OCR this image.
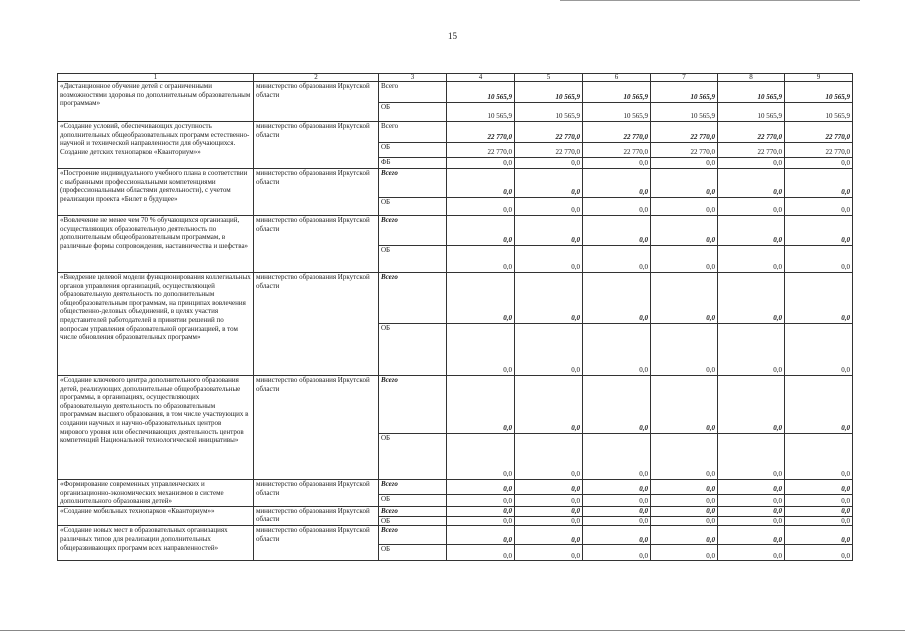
15
1	2	3	4	5	6	7	8	9
«Дистанционное обучение детей с ограниченными возможностями здоровья по дополнительным образовательным программам»	министерство образования Иркутской области	Всего	10 565,9	10 565,9	10 565,9	10 565,9	10 565,9	10 565,9
		ОБ	10 565,9	10 565,9	10 565,9	10 565,9	10 565,9	10 565,9
«Создание условий, обеспечивающих доступность дополнительных общеобразовательных программ естественно-научной и технической направленности для обучающихся. Создание детских технопарков «Кванториум»»	министерство образования Иркутской области	Всего	22 770,0	22 770,0	22 770,0	22 770,0	22 770,0	22 770,0
		ОБ	22 770,0	22 770,0	22 770,0	22 770,0	22 770,0	22 770,0
		ФБ	0,0	0,0	0,0	0,0	0,0	0,0
«Построение индивидуального учебного плана в соответствии с выбранными профессиональными компетенциями (профессиональными областями деятельности), с учетом реализации проекта «Билет в будущее»	министерство образования Иркутской области	Всего	0,0	0,0	0,0	0,0	0,0	0,0
		ОБ	0,0	0,0	0,0	0,0	0,0	0,0
«Вовлечение не менее чем 70 % обучающихся организаций, осуществляющих образовательную деятельность по дополнительным общеобразовательным программам, в различные формы сопровождения, наставничества и шефства»	министерство образования Иркутской области	Всего	0,0	0,0	0,0	0,0	0,0	0,0
		ОБ	0,0	0,0	0,0	0,0	0,0	0,0
«Внедрение целевой модели функционирования коллегиальных органов управления организаций, осуществляющей образовательную деятельность по дополнительным общеобразовательным программам, на принципах вовлечения общественно-деловых объединений, в целях участия представителей работодателей в принятии решений по вопросам управления образовательной организацией, в том числе обновления образовательных программ»	министерство образования Иркутской области	Всего	0,0	0,0	0,0	0,0	0,0	0,0
		ОБ	0,0	0,0	0,0	0,0	0,0	0,0
«Создание ключевого центра дополнительного образования детей, реализующих дополнительные общеобразовательные программы, в организациях, осуществляющих образовательную деятельность по образовательным программам высшего образования, в том числе участвующих в создании научных и научно-образовательных центров мирового уровня или обеспечивающих деятельность центров компетенций Национальной технологической инициативы»	министерство образования Иркутской области	Всего	0,0	0,0	0,0	0,0	0,0	0,0
		ОБ	0,0	0,0	0,0	0,0	0,0	0,0
«Формирование современных управленческих и организационно-экономических механизмов в системе дополнительного образования детей»	министерство образования Иркутской области	Всего	0,0	0,0	0,0	0,0	0,0	0,0
		ОБ	0,0	0,0	0,0	0,0	0,0	0,0
«Создание мобильных технопарков «Кванториум»»	министерство образования Иркутской области	Всего	0,0	0,0	0,0	0,0	0,0	0,0
		ОБ	0,0	0,0	0,0	0,0	0,0	0,0
«Создание новых мест в образовательных организациях различных типов для реализации дополнительных общеразвивающих программ всех направленностей»	министерство образования Иркутской области	Всего	0,0	0,0	0,0	0,0	0,0	0,0
		ОБ	0,0	0,0	0,0	0,0	0,0	0,0
